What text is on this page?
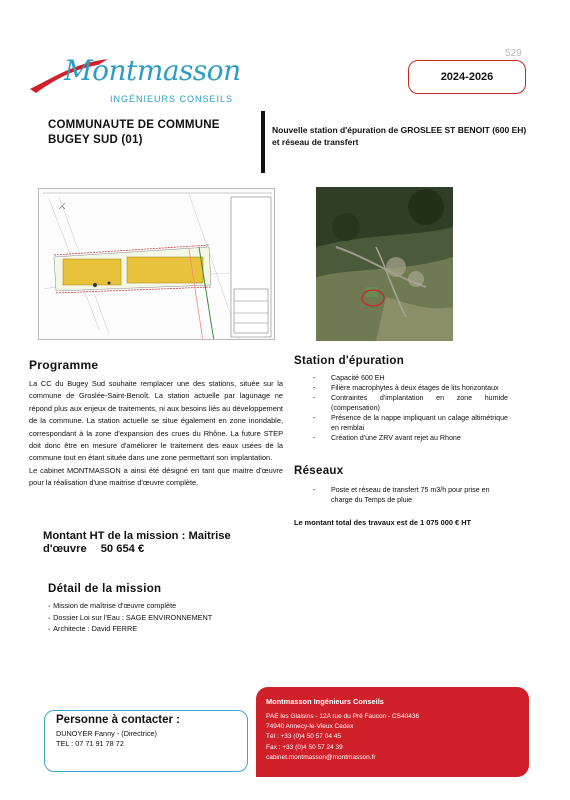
529
Montmasson
INGÉNIEURS CONSEILS
2024-2026
COMMUNAUTE DE COMMUNE BUGEY SUD (01)
Nouvelle station d'épuration de GROSLEE ST BENOIT (600 EH) et réseau de transfert
Programme

La CC du Bugey Sud souhaite remplacer une des stations, située sur la commune de Groslée-Saint-Benoît. La station actuelle par lagunage ne répond plus aux enjeux de traitements, ni aux besoins liés au développement de la commune. La station actuelle se situe également en zone inondable, correspondant à la zone d'expansion des crues du Rhône. La future STEP doit donc être en mesure d'améliorer le traitement des eaux usées de la commune tout en étant située dans une zone permettant son implantation.

Le cabinet MONTMASSON a ainsi été désigné en tant que maitre d'œuvre pour la réalisation d'une maitrise d'œuvre complète.

Montant HT de la mission : Maitrise d'œuvre 50 654 €
Détail de la mission
▪ Mission de maîtrise d'œuvre complète
▪ Dossier Loi sur l'Eau : SAGE ENVIRONNEMENT
▪ Architecte : David FERRE
Station d'épuration
- Capacité 600 EH
- Filière macrophytes à deux étages de lits horizontaux
- Contraintes d'implantation en zone humide (compensation)
- Présence de la nappe impliquant un calage altimétrique en remblai
- Création d'une ZRV avant rejet au Rhone
Réseaux
- Poste et réseau de transfert 75 m3/h pour prise en charge du Temps de pluie
Le montant total des travaux est de 1 075 000 € HT
Personne à contacter :
DUNOYER Fanny - (Directrice)
TEL : 07 71 91 78 72
Montmasson Ingénieurs Conseils
PAE les Glaisins - 12A rue du Pré Faucon - CS40436
74940 Annecy-le-Vieux Cedex
Tél : +33 (0)4 50 57 04 45
Fax : +33 (0)4 50 57 24 39
cabinet.montmasson@montmasson.fr
